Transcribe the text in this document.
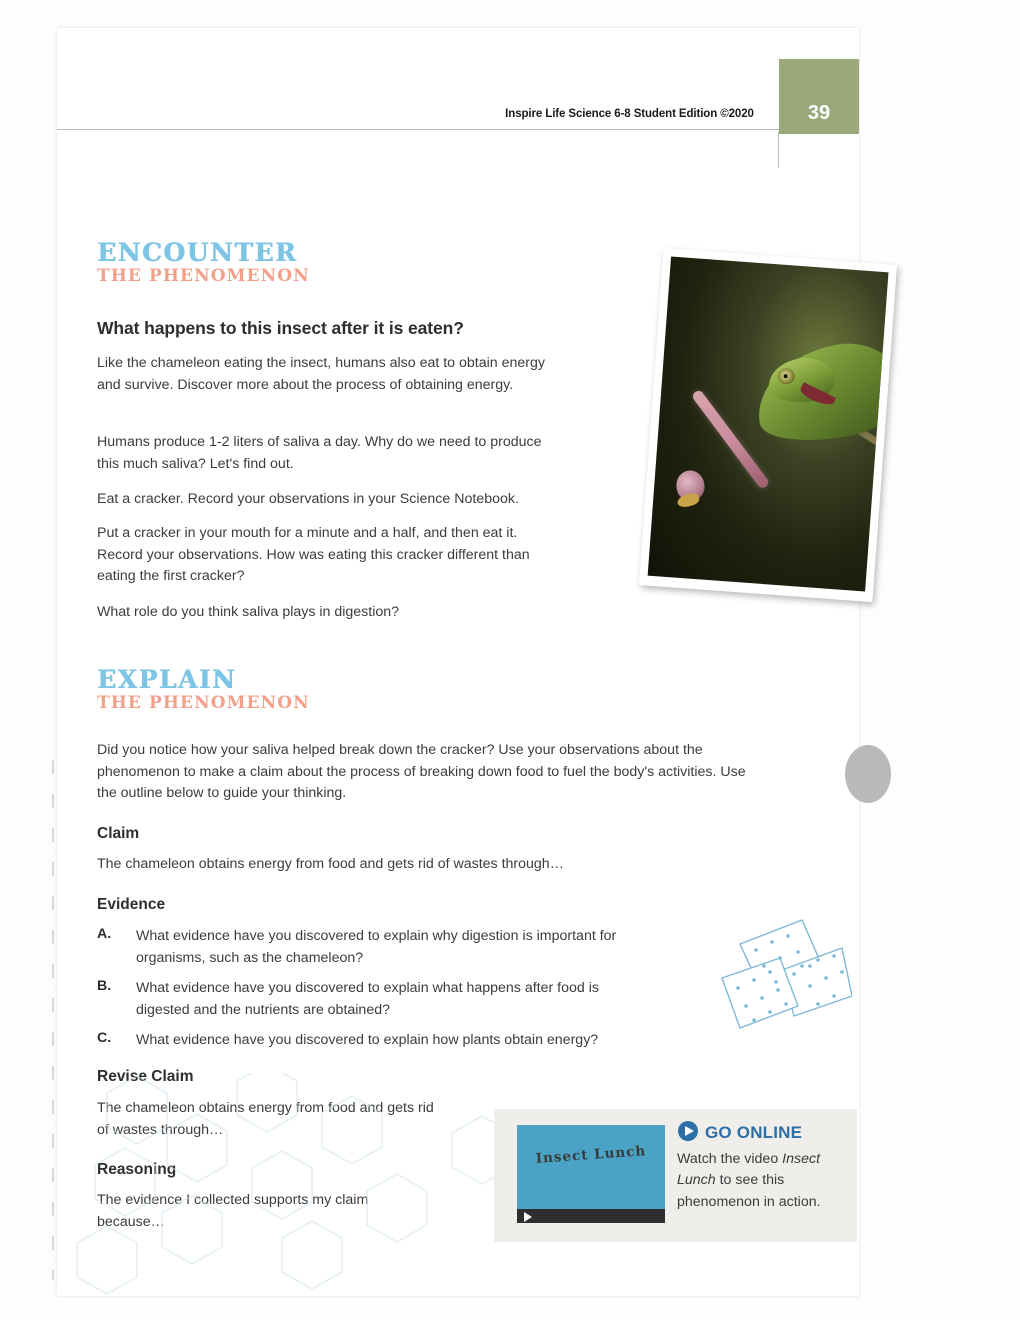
Inspire Life Science 6-8 Student Edition ©2020	39
ENCOUNTER
THE PHENOMENON
What happens to this insect after it is eaten?
Like the chameleon eating the insect, humans also eat to obtain energy and survive. Discover more about the process of obtaining energy.
Humans produce 1-2 liters of saliva a day. Why do we need to produce this much saliva? Let's find out.
Eat a cracker. Record your observations in your Science Notebook.
Put a cracker in your mouth for a minute and a half, and then eat it. Record your observations. How was eating this cracker different than eating the first cracker?
What role do you think saliva plays in digestion?
EXPLAIN
THE PHENOMENON
Did you notice how your saliva helped break down the cracker? Use your observations about the phenomenon to make a claim about the process of breaking down food to fuel the body's activities. Use the outline below to guide your thinking.
Claim
The chameleon obtains energy from food and gets rid of wastes through…
Evidence
A. What evidence have you discovered to explain why digestion is important for organisms, such as the chameleon?
B. What evidence have you discovered to explain what happens after food is digested and the nutrients are obtained?
C. What evidence have you discovered to explain how plants obtain energy?
Revise Claim
The chameleon obtains energy from food and gets rid of wastes through…
Reasoning
The evidence I collected supports my claim because…
Insect Lunch
GO ONLINE
Watch the video Insect Lunch to see this phenomenon in action.
